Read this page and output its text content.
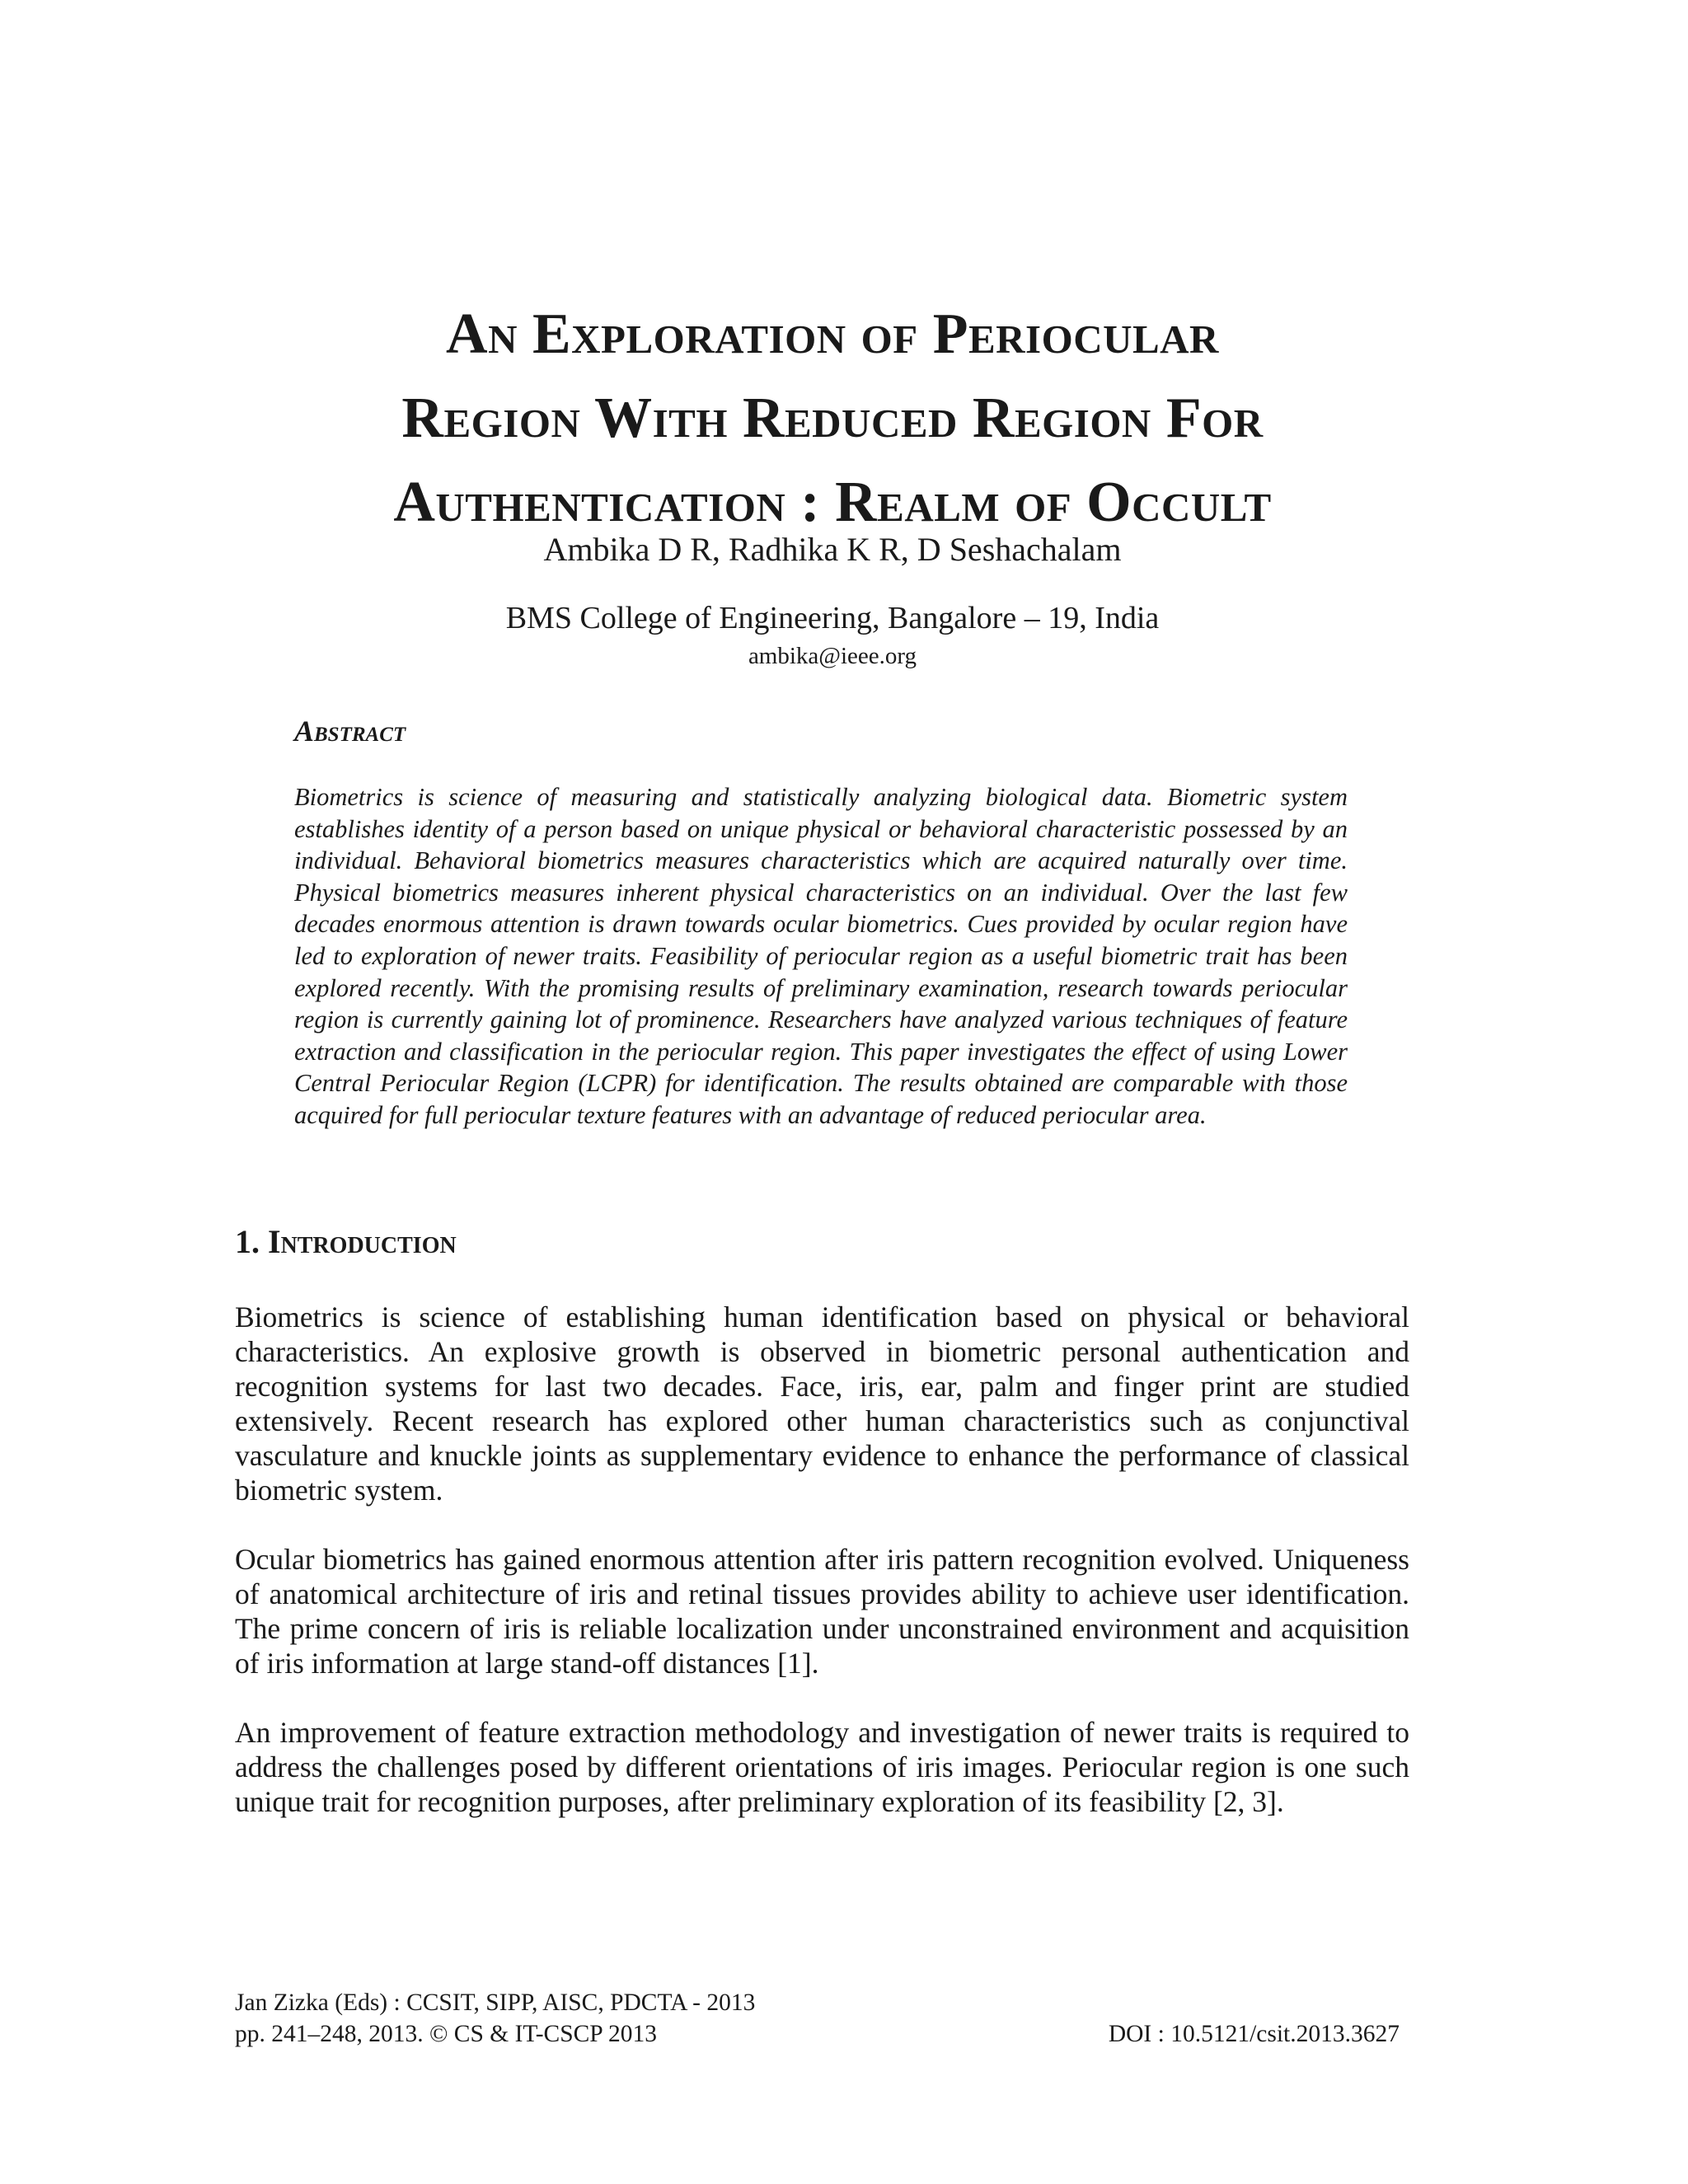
An Exploration of Periocular
Region With Reduced Region For
Authentication : Realm of Occult
Ambika D R, Radhika K R, D Seshachalam
BMS College of Engineering, Bangalore – 19, India
ambika@ieee.org
Abstract

Biometrics is science of measuring and statistically analyzing biological data. Biometric system establishes identity of a person based on unique physical or behavioral characteristic possessed by an individual. Behavioral biometrics measures characteristics which are acquired naturally over time. Physical biometrics measures inherent physical characteristics on an individual. Over the last few decades enormous attention is drawn towards ocular biometrics. Cues provided by ocular region have led to exploration of newer traits. Feasibility of periocular region as a useful biometric trait has been explored recently. With the promising results of preliminary examination, research towards periocular region is currently gaining lot of prominence. Researchers have analyzed various techniques of feature extraction and classification in the periocular region. This paper investigates the effect of using Lower Central Periocular Region (LCPR) for identification. The results obtained are comparable with those acquired for full periocular texture features with an advantage of reduced periocular area.

1. Introduction

Biometrics is science of establishing human identification based on physical or behavioral characteristics. An explosive growth is observed in biometric personal authentication and recognition systems for last two decades. Face, iris, ear, palm and finger print are studied extensively. Recent research has explored other human characteristics such as conjunctival vasculature and knuckle joints as supplementary evidence to enhance the performance of classical biometric system.

Ocular biometrics has gained enormous attention after iris pattern recognition evolved. Uniqueness of anatomical architecture of iris and retinal tissues provides ability to achieve user identification. The prime concern of iris is reliable localization under unconstrained environment and acquisition of iris information at large stand-off distances [1].

An improvement of feature extraction methodology and investigation of newer traits is required to address the challenges posed by different orientations of iris images. Periocular region is one such unique trait for recognition purposes, after preliminary exploration of its feasibility [2, 3].

Jan Zizka (Eds) : CCSIT, SIPP, AISC, PDCTA - 2013
pp. 241–248, 2013. © CS & IT-CSCP 2013	DOI : 10.5121/csit.2013.3627
